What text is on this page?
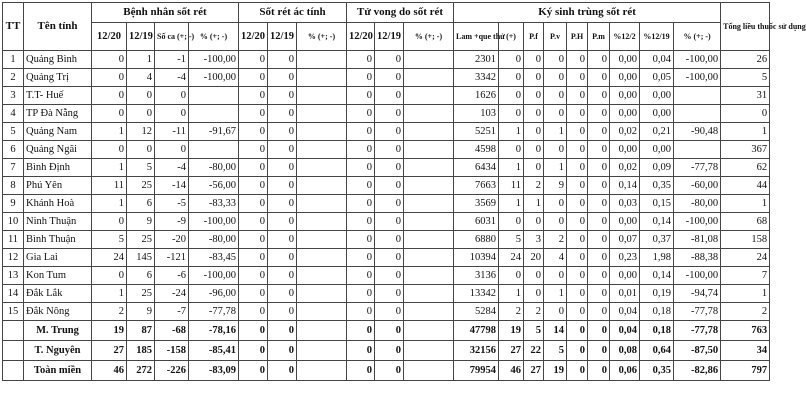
TT	Tên tỉnh	Bệnh nhân sốt rét				Sốt rét ác tính			Tử vong do sốt rét			Ký sinh trùng sốt rét									Tổng liều thuốc sử dụng
		12/20	12/19	Số ca (+; -)	% (+; -)	12/20	12/19	% (+; -)	12/20	12/19	% (+; -)	Lam +que thử	(+)	P.f	P.v	P.H	P.m	%12/2	%12/19	% (+; -)	
1	Quảng Bình	0	1	-1	-100,00	0	0		0	0		2301	0	0	0	0	0	0,00	0,04	-100,00	26
2	Quảng Trị	0	4	-4	-100,00	0	0		0	0		3342	0	0	0	0	0	0,00	0,05	-100,00	5
3	T.T- Huế	0	0	0		0	0		0	0		1626	0	0	0	0	0	0,00	0,00		31
4	TP Đà Nẵng	0	0	0		0	0		0	0		103	0	0	0	0	0	0,00	0,00		0
5	Quảng Nam	1	12	-11	-91,67	0	0		0	0		5251	1	0	1	0	0	0,02	0,21	-90,48	1
6	Quảng Ngãi	0	0	0		0	0		0	0		4598	0	0	0	0	0	0,00	0,00		367
7	Bình Định	1	5	-4	-80,00	0	0		0	0		6434	1	0	1	0	0	0,02	0,09	-77,78	62
8	Phú Yên	11	25	-14	-56,00	0	0		0	0		7663	11	2	9	0	0	0,14	0,35	-60,00	44
9	Khánh Hoà	1	6	-5	-83,33	0	0		0	0		3569	1	1	0	0	0	0,03	0,15	-80,00	1
10	Ninh Thuận	0	9	-9	-100,00	0	0		0	0		6031	0	0	0	0	0	0,00	0,14	-100,00	68
11	Bình Thuận	5	25	-20	-80,00	0	0		0	0		6880	5	3	2	0	0	0,07	0,37	-81,08	158
12	Gia Lai	24	145	-121	-83,45	0	0		0	0		10394	24	20	4	0	0	0,23	1,98	-88,38	24
13	Kon Tum	0	6	-6	-100,00	0	0		0	0		3136	0	0	0	0	0	0,00	0,14	-100,00	7
14	Đắk Lắk	1	25	-24	-96,00	0	0		0	0		13342	1	0	1	0	0	0,01	0,19	-94,74	1
15	Đắk Nông	2	9	-7	-77,78	0	0		0	0		5284	2	2	0	0	0	0,04	0,18	-77,78	2
	M. Trung	19	87	-68	-78,16	0	0		0	0		47798	19	5	14	0	0	0,04	0,18	-77,78	763
	T. Nguyên	27	185	-158	-85,41	0	0		0	0		32156	27	22	5	0	0	0,08	0,64	-87,50	34
	Toàn miền	46	272	-226	-83,09	0	0		0	0		79954	46	27	19	0	0	0,06	0,35	-82,86	797
